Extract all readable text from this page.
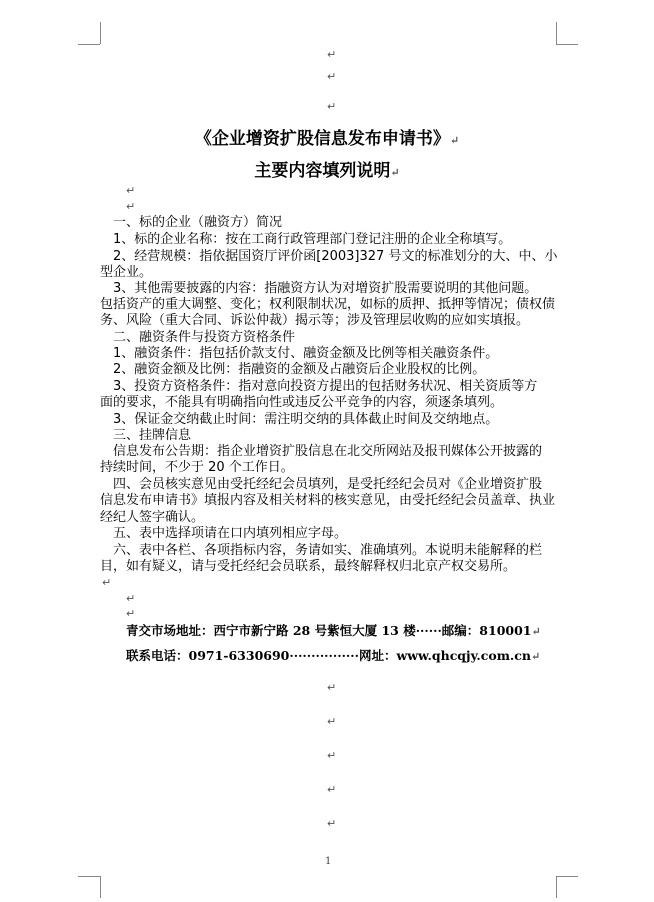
↵
↵
↵
《企业增资扩股信息发布申请书》↵
主要内容填列说明↵
↵
↵
　一、标的企业（融资方）简况
　1、标的企业名称：按在工商行政管理部门登记注册的企业全称填写。
　2、经营规模：指依据国资厅评价函[2003]327 号文的标准划分的大、中、小
型企业。
　3、其他需要披露的内容：指融资方认为对增资扩股需要说明的其他问题。
包括资产的重大调整、变化；权利限制状况，如标的质押、抵押等情况；债权债
务、风险（重大合同、诉讼仲裁）揭示等；涉及管理层收购的应如实填报。
　二、融资条件与投资方资格条件
　1、融资条件：指包括价款支付、融资金额及比例等相关融资条件。
　2、融资金额及比例：指融资的金额及占融资后企业股权的比例。
　3、投资方资格条件：指对意向投资方提出的包括财务状况、相关资质等方
面的要求，不能具有明确指向性或违反公平竞争的内容，须逐条填列。
　3、保证金交纳截止时间：需注明交纳的具体截止时间及交纳地点。
　三、挂牌信息
　信息发布公告期：指企业增资扩股信息在北交所网站及报刊媒体公开披露的
持续时间，不少于 20 个工作日。
　四、会员核实意见由受托经纪会员填列，是受托经纪会员对《企业增资扩股
信息发布申请书》填报内容及相关材料的核实意见，由受托经纪会员盖章、执业
经纪人签字确认。
　五、表中选择项请在口内填列相应字母。
　六、表中各栏、各项指标内容，务请如实、准确填列。本说明未能解释的栏
目，如有疑义，请与受托经纪会员联系，最终解释权归北京产权交易所。
↵
↵
↵
青交市场地址：西宁市新宁路 28 号紫恒大厦 13 楼······邮编：810001↵
联系电话：0971-6330690················网址：www.qhcqjy.com.cn↵
↵
↵
↵
↵
↵
1
